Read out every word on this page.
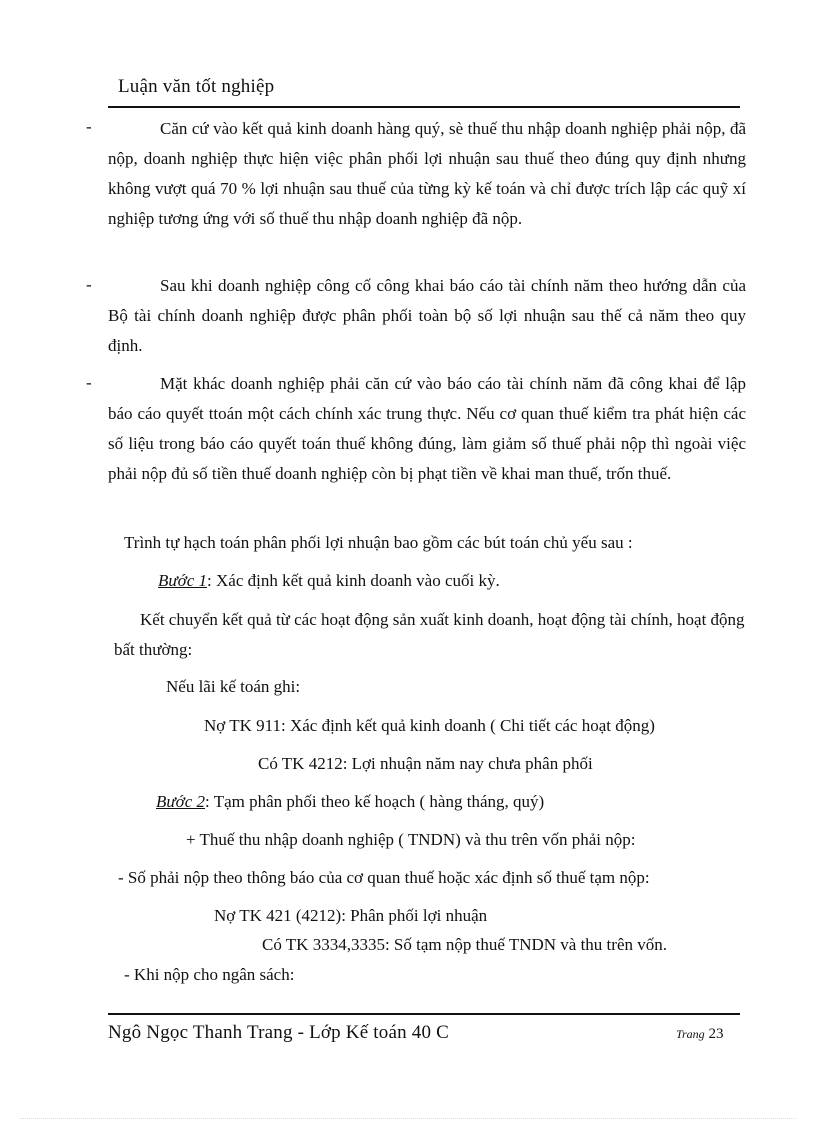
Luận văn tốt nghiệp
-	Căn cứ vào kết quả kinh doanh hàng quý, sè thuế thu nhập doanh nghiệp phải nộp, đã nộp, doanh nghiệp thực hiện việc phân phối lợi nhuận sau thuế theo đúng quy định nhưng không vượt quá 70 % lợi nhuận sau thuế của từng kỳ kế toán và chỉ được trích lập các quỹ xí nghiệp tương ứng với số thuế thu nhập doanh nghiệp đã nộp.
-	Sau khi doanh nghiệp công cố công khai báo cáo tài chính năm theo hướng dẫn của Bộ tài chính doanh nghiệp được phân phối toàn bộ số lợi nhuận sau thế cả năm theo quy định.
-	Mặt khác doanh nghiệp phải căn cứ vào báo cáo tài chính năm đã công khai để lập báo cáo quyết ttoán một cách chính xác trung thực. Nếu cơ quan thuế kiểm tra phát hiện các số liệu trong báo cáo quyết toán thuế không đúng, làm giảm số thuế phải nộp thì ngoài việc phải nộp đủ số tiền thuế doanh nghiệp còn bị phạt tiền về khai man thuế, trốn thuế.
Trình tự hạch toán phân phối lợi nhuận bao gồm các bút toán chủ yếu sau :
Bước 1: Xác định kết quả kinh doanh vào cuối kỳ.
Kết chuyển kết quả từ các hoạt động sản xuất kinh doanh, hoạt động tài chính, hoạt động bất thường:
Nếu lãi kế toán ghi:
Nợ TK 911: Xác định kết quả kinh doanh ( Chi tiết các hoạt động)
Có TK 4212: Lợi nhuận năm nay chưa phân phối
Bước 2: Tạm phân phối theo kế hoạch ( hàng tháng, quý)
+ Thuế thu nhập doanh nghiệp ( TNDN) và thu trên vốn phải nộp:
- Số phải nộp theo thông báo của cơ quan thuế hoặc xác định số thuế tạm nộp:
Nợ TK 421 (4212): Phân phối lợi nhuận
Có TK 3334,3335: Số tạm nộp thuế TNDN và thu trên vốn.
- Khi nộp cho ngân sách:
Ngô Ngọc Thanh Trang - Lớp Kế toán 40 C	Trang 23
